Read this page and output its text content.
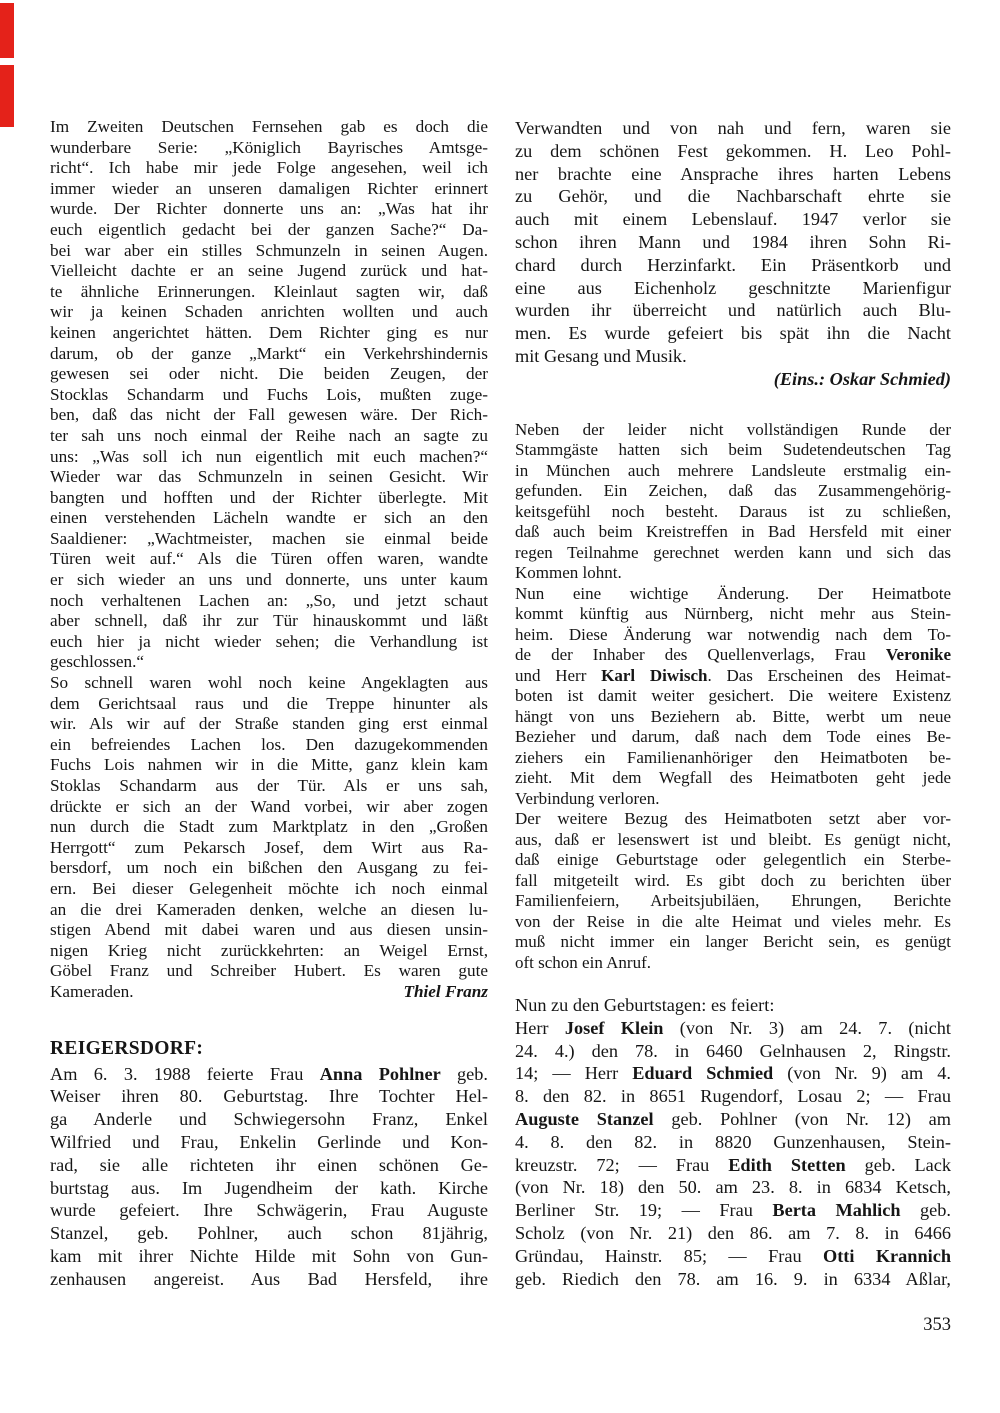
Im Zweiten Deutschen Fernsehen gab es doch die
wunderbare Serie: „Königlich Bayrisches Amtsge-
richt“. Ich habe mir jede Folge angesehen, weil ich
immer wieder an unseren damaligen Richter erinnert
wurde. Der Richter donnerte uns an: „Was hat ihr
euch eigentlich gedacht bei der ganzen Sache?“ Da-
bei war aber ein stilles Schmunzeln in seinen Augen.
Vielleicht dachte er an seine Jugend zurück und hat-
te ähnliche Erinnerungen. Kleinlaut sagten wir, daß
wir ja keinen Schaden anrichten wollten und auch
keinen angerichtet hätten. Dem Richter ging es nur
darum, ob der ganze „Markt“ ein Verkehrshindernis
gewesen sei oder nicht. Die beiden Zeugen, der
Stocklas Schandarm und Fuchs Lois, mußten zuge-
ben, daß das nicht der Fall gewesen wäre. Der Rich-
ter sah uns noch einmal der Reihe nach an sagte zu
uns: „Was soll ich nun eigentlich mit euch machen?“
Wieder war das Schmunzeln in seinen Gesicht. Wir
bangten und hofften und der Richter überlegte. Mit
einen verstehenden Lächeln wandte er sich an den
Saaldiener: „Wachtmeister, machen sie einmal beide
Türen weit auf.“ Als die Türen offen waren, wandte
er sich wieder an uns und donnerte, uns unter kaum
noch verhaltenen Lachen an: „So, und jetzt schaut
aber schnell, daß ihr zur Tür hinauskommt und läßt
euch hier ja nicht wieder sehen; die Verhandlung ist
geschlossen.“
So schnell waren wohl noch keine Angeklagten aus
dem Gerichtsaal raus und die Treppe hinunter als
wir. Als wir auf der Straße standen ging erst einmal
ein befreiendes Lachen los. Den dazugekommenden
Fuchs Lois nahmen wir in die Mitte, ganz klein kam
Stoklas Schandarm aus der Tür. Als er uns sah,
drückte er sich an der Wand vorbei, wir aber zogen
nun durch die Stadt zum Marktplatz in den „Großen
Herrgott“ zum Pekarsch Josef, dem Wirt aus Ra-
bersdorf, um noch ein bißchen den Ausgang zu fei-
ern. Bei dieser Gelegenheit möchte ich noch einmal
an die drei Kameraden denken, welche an diesen lu-
stigen Abend mit dabei waren und aus diesen unsin-
nigen Krieg nicht zurückkehrten: an Weigel Ernst,
Göbel Franz und Schreiber Hubert. Es waren gute
Kameraden.	Thiel Franz
REIGERSDORF:
Am 6. 3. 1988 feierte Frau Anna Pohlner geb.
Weiser ihren 80. Geburtstag. Ihre Tochter Hel-
ga Anderle und Schwiegersohn Franz, Enkel
Wilfried und Frau, Enkelin Gerlinde und Kon-
rad, sie alle richteten ihr einen schönen Ge-
burtstag aus. Im Jugendheim der kath. Kirche
wurde gefeiert. Ihre Schwägerin, Frau Auguste
Stanzel, geb. Pohlner, auch schon 81jährig,
kam mit ihrer Nichte Hilde mit Sohn von Gun-
zenhausen angereist. Aus Bad Hersfeld, ihre
Verwandten und von nah und fern, waren sie
zu dem schönen Fest gekommen. H. Leo Pohl-
ner brachte eine Ansprache ihres harten Lebens
zu Gehör, und die Nachbarschaft ehrte sie
auch mit einem Lebenslauf. 1947 verlor sie
schon ihren Mann und 1984 ihren Sohn Ri-
chard durch Herzinfarkt. Ein Präsentkorb und
eine aus Eichenholz geschnitzte Marienfigur
wurden ihr überreicht und natürlich auch Blu-
men. Es wurde gefeiert bis spät ihn die Nacht
mit Gesang und Musik.
(Eins.: Oskar Schmied)
Neben der leider nicht vollständigen Runde der
Stammgäste hatten sich beim Sudetendeutschen Tag
in München auch mehrere Landsleute erstmalig ein-
gefunden. Ein Zeichen, daß das Zusammengehörig-
keitsgefühl noch besteht. Daraus ist zu schließen,
daß auch beim Kreistreffen in Bad Hersfeld mit einer
regen Teilnahme gerechnet werden kann und sich das
Kommen lohnt.
Nun eine wichtige Änderung. Der Heimatbote
kommt künftig aus Nürnberg, nicht mehr aus Stein-
heim. Diese Änderung war notwendig nach dem To-
de der Inhaber des Quellenverlags, Frau Veronike
und Herr Karl Diwisch. Das Erscheinen des Heimat-
boten ist damit weiter gesichert. Die weitere Existenz
hängt von uns Beziehern ab. Bitte, werbt um neue
Bezieher und darum, daß nach dem Tode eines Be-
ziehers ein Familienanhöriger den Heimatboten be-
zieht. Mit dem Wegfall des Heimatboten geht jede
Verbindung verloren.
Der weitere Bezug des Heimatboten setzt aber vor-
aus, daß er lesenswert ist und bleibt. Es genügt nicht,
daß einige Geburtstage oder gelegentlich ein Sterbe-
fall mitgeteilt wird. Es gibt doch zu berichten über
Familienfeiern, Arbeitsjubiläen, Ehrungen, Berichte
von der Reise in die alte Heimat und vieles mehr. Es
muß nicht immer ein langer Bericht sein, es genügt
oft schon ein Anruf.
Nun zu den Geburtstagen: es feiert:
Herr Josef Klein (von Nr. 3) am 24. 7. (nicht
24. 4.) den 78. in 6460 Gelnhausen 2, Ringstr.
14; — Herr Eduard Schmied (von Nr. 9) am 4.
8. den 82. in 8651 Rugendorf, Losau 2; — Frau
Auguste Stanzel geb. Pohlner (von Nr. 12) am
4. 8. den 82. in 8820 Gunzenhausen, Stein-
kreuzstr. 72; — Frau Edith Stetten geb. Lack
(von Nr. 18) den 50. am 23. 8. in 6834 Ketsch,
Berliner Str. 19; — Frau Berta Mahlich geb.
Scholz (von Nr. 21) den 86. am 7. 8. in 6466
Gründau, Hainstr. 85; — Frau Otti Krannich
geb. Riedich den 78. am 16. 9. in 6334 Aßlar,
353
